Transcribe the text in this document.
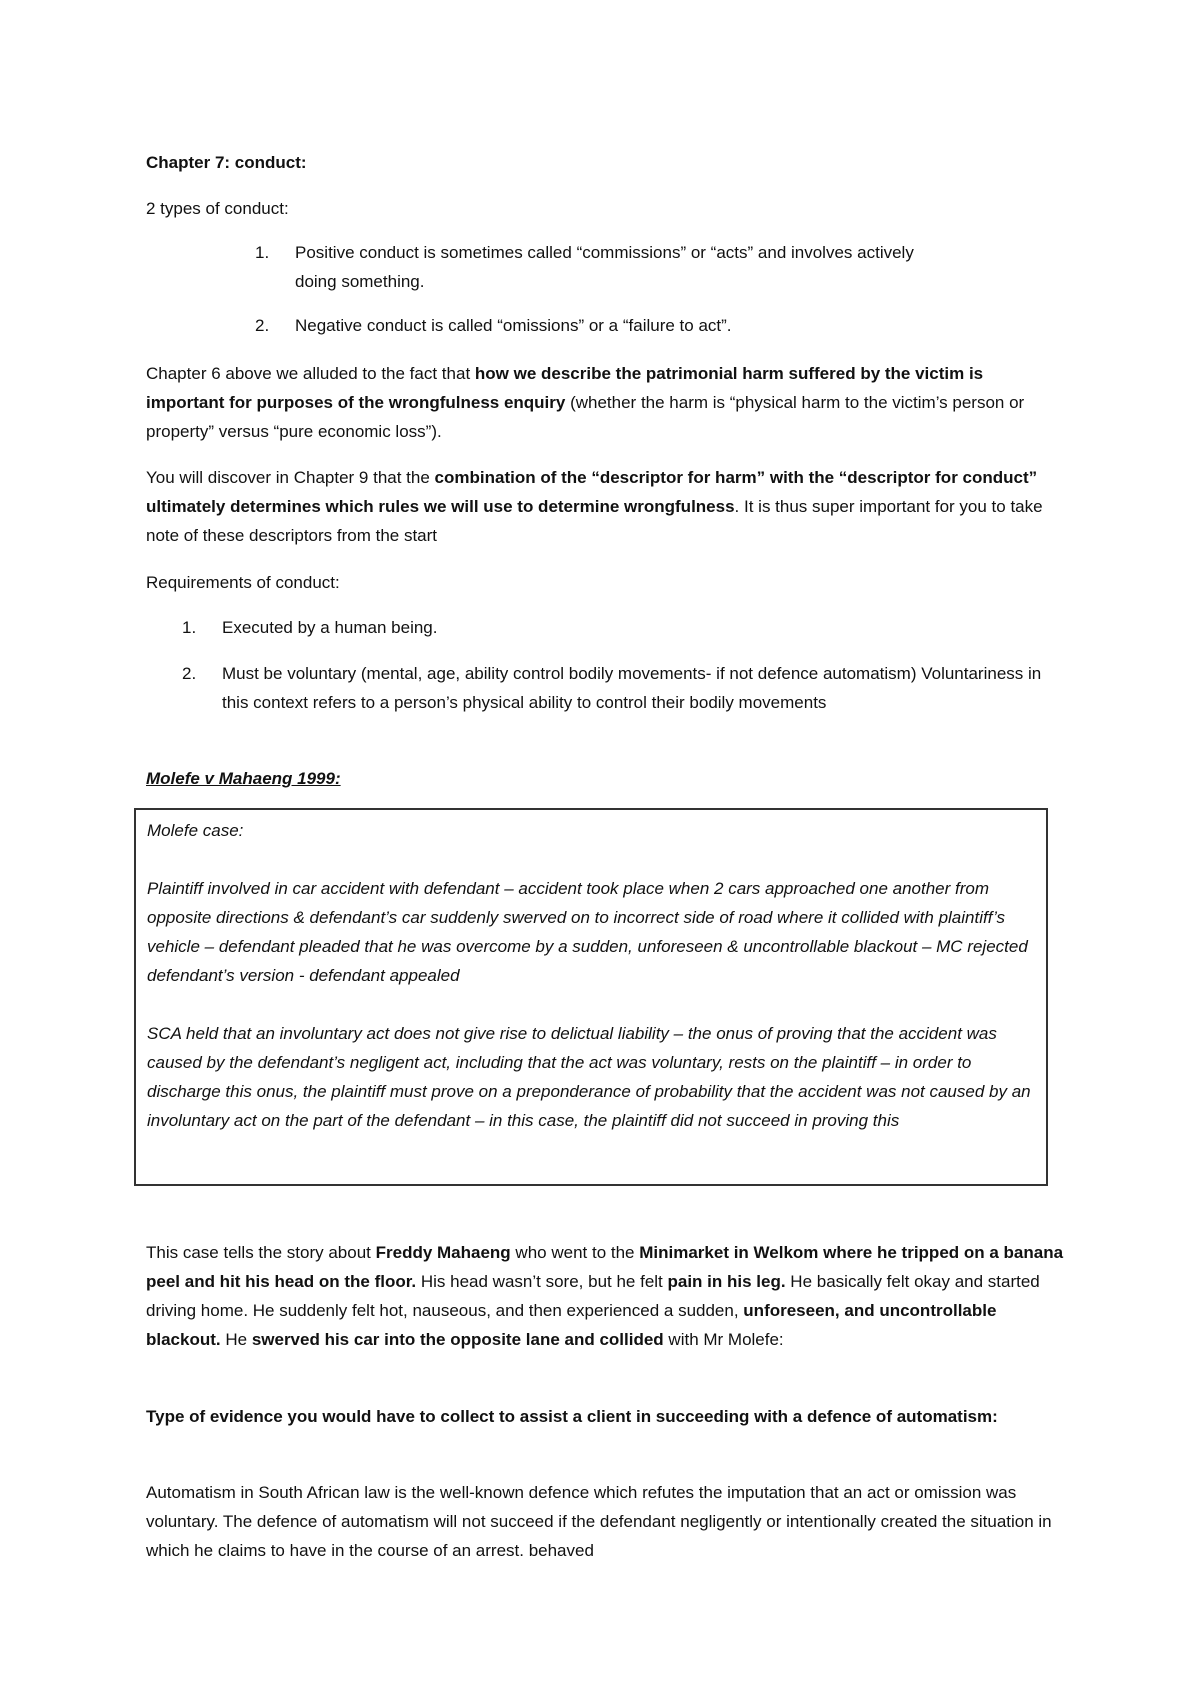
Chapter 7: conduct:

2 types of conduct:

1.	Positive conduct is sometimes called “commissions” or “acts” and involves actively
doing something.
2.	Negative conduct is called “omissions” or a “failure to act”.

Chapter 6 above we alluded to the fact that how we describe the patrimonial harm suffered by the victim is important for purposes of the wrongfulness enquiry (whether the harm is “physical harm to the victim’s person or property” versus “pure economic loss”).

You will discover in Chapter 9 that the combination of the “descriptor for harm” with the “descriptor for conduct” ultimately determines which rules we will use to determine wrongfulness. It is thus super important for you to take note of these descriptors from the start

Requirements of conduct:

1.	Executed by a human being.
2.	Must be voluntary (mental, age, ability control bodily movements- if not defence automatism) Voluntariness in this context refers to a person’s physical ability to control their bodily movements

Molefe v Mahaeng 1999:

Molefe case:

Plaintiff involved in car accident with defendant – accident took place when 2 cars approached one another from opposite directions & defendant’s car suddenly swerved on to incorrect side of road where it collided with plaintiff’s vehicle – defendant pleaded that he was overcome by a sudden, unforeseen & uncontrollable blackout – MC rejected defendant’s version - defendant appealed

SCA held that an involuntary act does not give rise to delictual liability – the onus of proving that the accident was caused by the defendant’s negligent act, including that the act was voluntary, rests on the plaintiff – in order to discharge this onus, the plaintiff must prove on a preponderance of probability that the accident was not caused by an involuntary act on the part of the defendant – in this case, the plaintiff did not succeed in proving this

This case tells the story about Freddy Mahaeng who went to the Minimarket in Welkom where he tripped on a banana peel and hit his head on the floor. His head wasn’t sore, but he felt pain in his leg. He basically felt okay and started driving home. He suddenly felt hot, nauseous, and then experienced a sudden, unforeseen, and uncontrollable blackout. He swerved his car into the opposite lane and collided with Mr Molefe:

Type of evidence you would have to collect to assist a client in succeeding with a defence of automatism:

Automatism in South African law is the well-known defence which refutes the imputation that an act or omission was voluntary. The defence of automatism will not succeed if the defendant negligently or intentionally created the situation in which he claims to have in the course of an arrest. behaved
